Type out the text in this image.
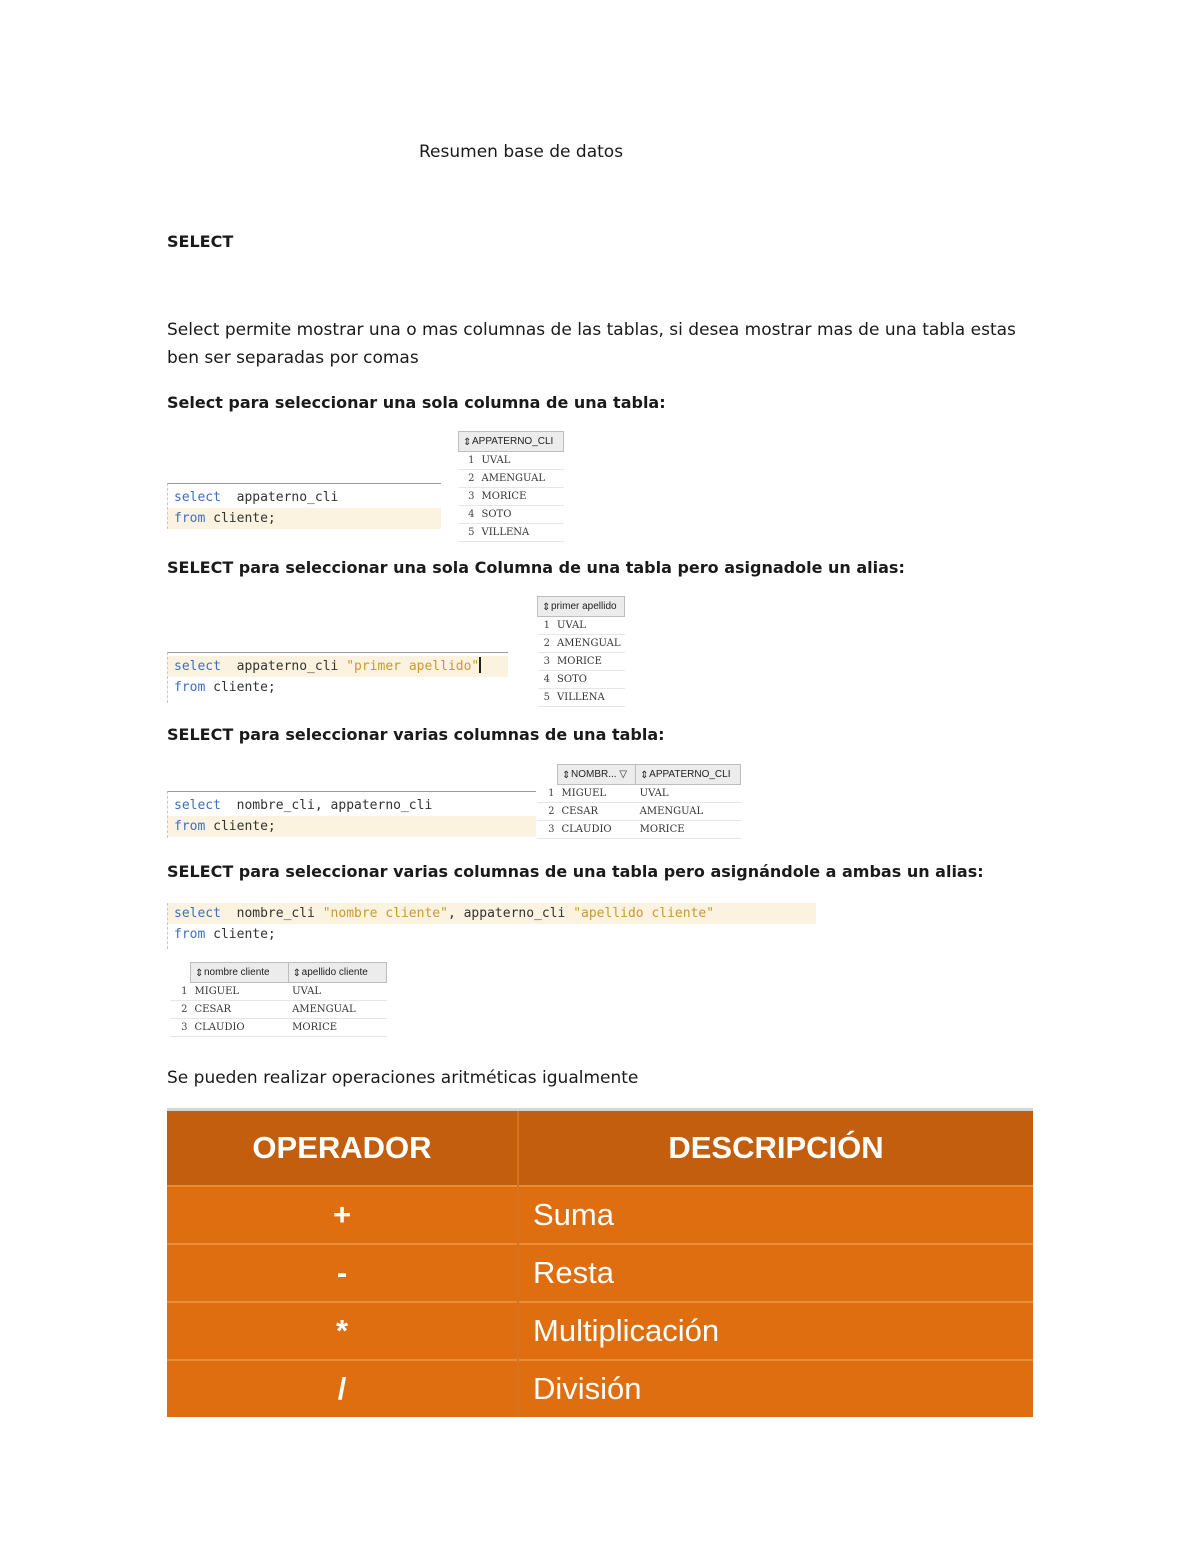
Resumen base de datos
SELECT
Select permite mostrar una o mas columnas de las tablas, si desea mostrar mas de una tabla estas ben ser separadas por comas
Select para seleccionar una sola columna de una tabla:
select  appaterno_cli
from cliente;
⇕APPATERNO_CLI	
1	UVAL
2	AMENGUAL
3	MORICE
4	SOTO
5	VILLENA
SELECT para seleccionar una sola Columna de una tabla pero asignadole un alias:
select  appaterno_cli "primer apellido"
from cliente;
⇕primer apellido	
1	UVAL
2	AMENGUAL
3	MORICE
4	SOTO
5	VILLENA
SELECT para seleccionar varias columnas de una tabla:
select  nombre_cli, appaterno_cli
from cliente;
	⇕NOMBR... ▽	⇕APPATERNO_CLI
1	MIGUEL	UVAL
2	CESAR	AMENGUAL
3	CLAUDIO	MORICE
SELECT para seleccionar varias columnas de una tabla pero asignándole a ambas un alias:
select  nombre_cli "nombre cliente", appaterno_cli "apellido cliente"
from cliente;
	⇕nombre cliente	⇕apellido cliente
1	MIGUEL	UVAL
2	CESAR	AMENGUAL
3	CLAUDIO	MORICE
Se pueden realizar operaciones aritméticas igualmente
OPERADOR	DESCRIPCIÓN
+	Suma
-	Resta
*	Multiplicación
/	División
